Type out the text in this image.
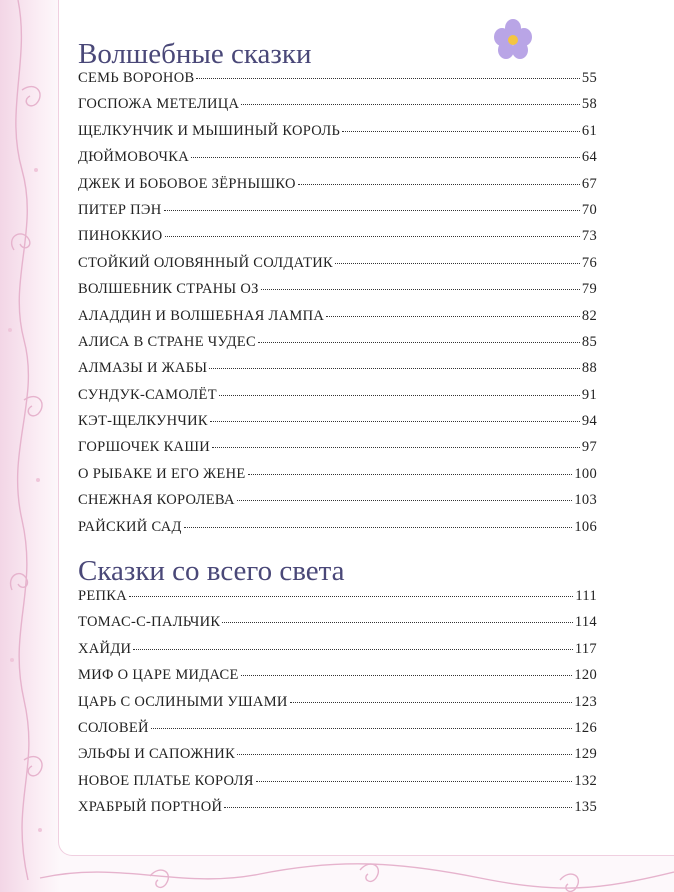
Волшебные сказки
СЕМЬ ВОРОНОВ	55
ГОСПОЖА МЕТЕЛИЦА	58
ЩЕЛКУНЧИК И МЫШИНЫЙ КОРОЛЬ	61
ДЮЙМОВОЧКА	64
ДЖЕК И БОБОВОЕ ЗЁРНЫШКО	67
ПИТЕР ПЭН	70
ПИНОККИО	73
СТОЙКИЙ ОЛОВЯННЫЙ СОЛДАТИК	76
ВОЛШЕБНИК СТРАНЫ ОЗ	79
АЛАДДИН И ВОЛШЕБНАЯ ЛАМПА	82
АЛИСА В СТРАНЕ ЧУДЕС	85
АЛМАЗЫ И ЖАБЫ	88
СУНДУК-САМОЛЁТ	91
КЭТ-ЩЕЛКУНЧИК	94
ГОРШОЧЕК КАШИ	97
О РЫБАКЕ И ЕГО ЖЕНЕ	100
СНЕЖНАЯ КОРОЛЕВА	103
РАЙСКИЙ САД	106
Сказки со всего света
РЕПКА	111
ТОМАС-С-ПАЛЬЧИК	114
ХАЙДИ	117
МИФ О ЦАРЕ МИДАСЕ	120
ЦАРЬ С ОСЛИНЫМИ УШАМИ	123
СОЛОВЕЙ	126
ЭЛЬФЫ И САПОЖНИК	129
НОВОЕ ПЛАТЬЕ КОРОЛЯ	132
ХРАБРЫЙ ПОРТНОЙ	135
